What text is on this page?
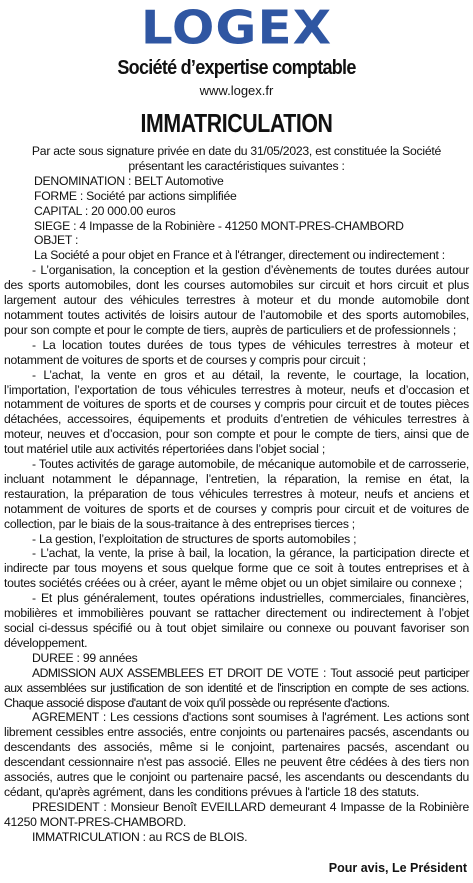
LOGEX
Société d’expertise comptable
www.logex.fr
IMMATRICULATION

Par acte sous signature privée en date du 31/05/2023, est constituée la Société présentant les caractéristiques suivantes :

DENOMINATION : BELT Automotive

FORME : Société par actions simplifiée

CAPITAL : 20 000.00 euros

SIEGE : 4 Impasse de la Robinière - 41250 MONT-PRES-CHAMBORD

OBJET :

La Société a pour objet en France et à l'étranger, directement ou indirectement :

- L’organisation, la conception et la gestion d’évènements de toutes durées autour des sports automobiles, dont les courses automobiles sur circuit et hors circuit et plus largement autour des véhicules terrestres à moteur et du monde automobile dont notamment toutes activités de loisirs autour de l’automobile et des sports automobiles, pour son compte et pour le compte de tiers, auprès de particuliers et de professionnels ;

- La location toutes durées de tous types de véhicules terrestres à moteur et notamment de voitures de sports et de courses y compris pour circuit ;

- L’achat, la vente en gros et au détail, la revente, le courtage, la location, l’importation, l’exportation de tous véhicules terrestres à moteur, neufs et d’occasion et notamment de voitures de sports et de courses y compris pour circuit et de toutes pièces détachées, accessoires, équipements et produits d’entretien de véhicules terrestres à moteur, neuves et d’occasion, pour son compte et pour le compte de tiers, ainsi que de tout matériel utile aux activités répertoriées dans l’objet social ;

- Toutes activités de garage automobile, de mécanique automobile et de carrosserie, incluant notamment le dépannage, l’entretien, la réparation, la remise en état, la restauration, la préparation de tous véhicules terrestres à moteur, neufs et anciens et notamment de voitures de sports et de courses y compris pour circuit et de voitures de collection, par le biais de la sous-traitance à des entreprises tierces ;

- La gestion, l’exploitation de structures de sports automobiles ;

- L’achat, la vente, la prise à bail, la location, la gérance, la participation directe et indirecte par tous moyens et sous quelque forme que ce soit à toutes entreprises et à toutes sociétés créées ou à créer, ayant le même objet ou un objet similaire ou connexe ;

- Et plus généralement, toutes opérations industrielles, commerciales, financières, mobilières et immobilières pouvant se rattacher directement ou indirectement à l’objet social ci-dessus spécifié ou à tout objet similaire ou connexe ou pouvant favoriser son développement.

DUREE : 99 années

ADMISSION AUX ASSEMBLEES ET DROIT DE VOTE : Tout associé peut participer aux assemblées sur justification de son identité et de l'inscription en compte de ses actions. Chaque associé dispose d'autant de voix qu'il possède ou représente d'actions.

AGREMENT : Les cessions d'actions sont soumises à l'agrément. Les actions sont librement cessibles entre associés, entre conjoints ou partenaires pacsés, ascendants ou descendants des associés, même si le conjoint, partenaires pacsés, ascendant ou descendant cessionnaire n'est pas associé. Elles ne peuvent être cédées à des tiers non associés, autres que le conjoint ou partenaire pacsé, les ascendants ou descendants du cédant, qu'après agrément, dans les conditions prévues à l'article 18 des statuts.

PRESIDENT : Monsieur Benoît EVEILLARD demeurant 4 Impasse de la Robinière 41250 MONT-PRES-CHAMBORD.

IMMATRICULATION : au RCS de BLOIS.

Pour avis, Le Président
